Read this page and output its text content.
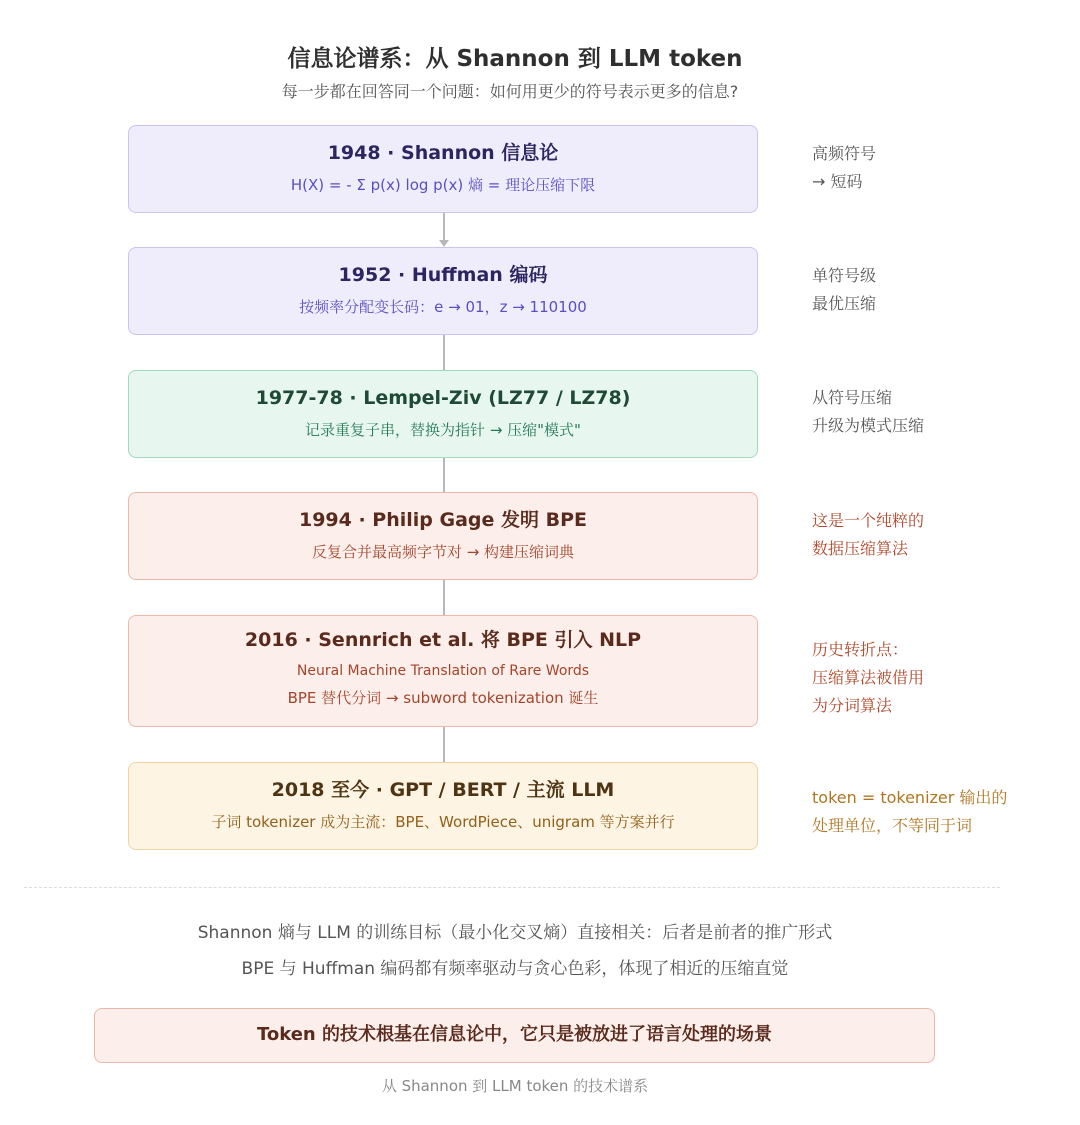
信息论谱系：从 Shannon 到 LLM token
每一步都在回答同一个问题：如何用更少的符号表示更多的信息?
1948 · Shannon 信息论
H(X) = - Σ p(x) log p(x) 熵 = 理论压缩下限
高频符号
→ 短码
1952 · Huffman 编码
按频率分配变长码：e → 01，z → 110100
单符号级
最优压缩
1977-78 · Lempel-Ziv (LZ77 / LZ78)
记录重复子串，替换为指针 → 压缩"模式"
从符号压缩
升级为模式压缩
1994 · Philip Gage 发明 BPE
反复合并最高频字节对 → 构建压缩词典
这是一个纯粹的
数据压缩算法
2016 · Sennrich et al. 将 BPE 引入 NLP
Neural Machine Translation of Rare Words
BPE 替代分词 → subword tokenization 诞生
历史转折点：
压缩算法被借用
为分词算法
2018 至今 · GPT / BERT / 主流 LLM
子词 tokenizer 成为主流：BPE、WordPiece、unigram 等方案并行
token = tokenizer 输出的
处理单位，不等同于词
Shannon 熵与 LLM 的训练目标（最小化交叉熵）直接相关：后者是前者的推广形式
BPE 与 Huffman 编码都有频率驱动与贪心色彩，体现了相近的压缩直觉
Token 的技术根基在信息论中，它只是被放进了语言处理的场景
从 Shannon 到 LLM token 的技术谱系
